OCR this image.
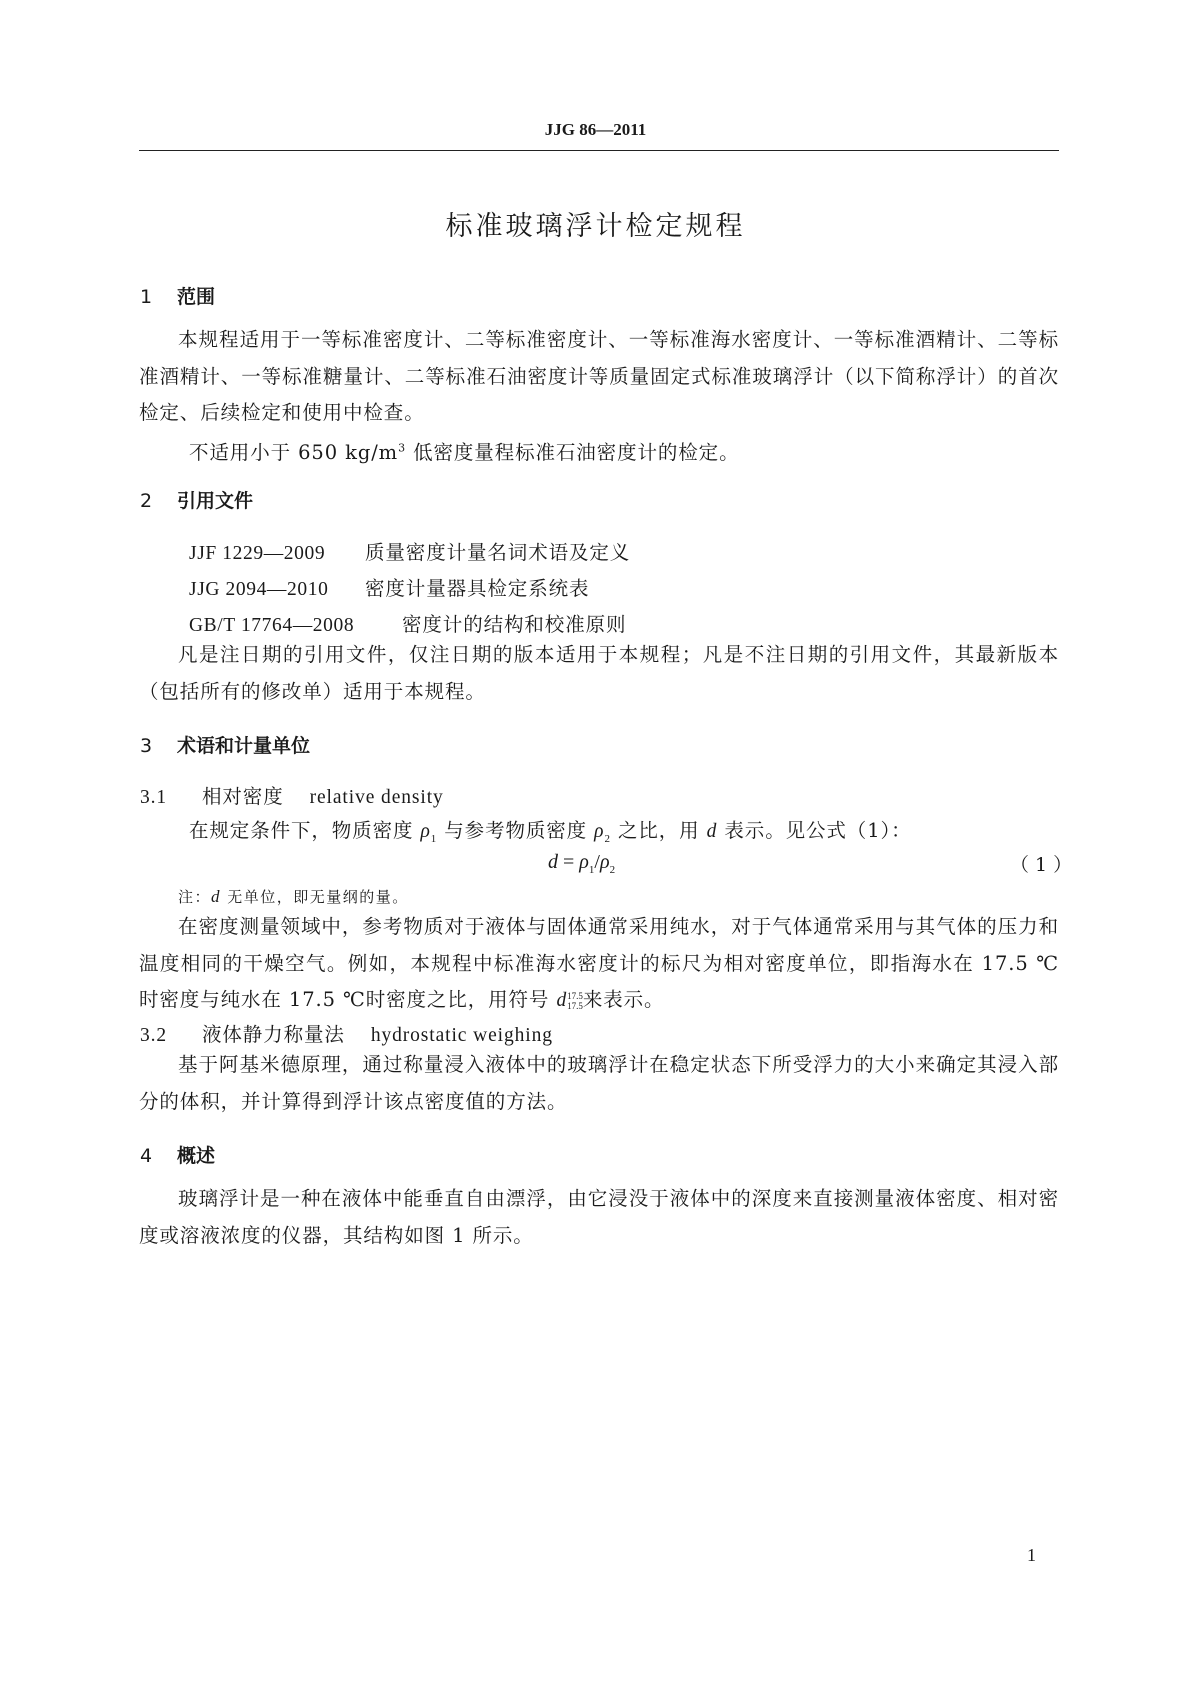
JJG 86—2011
标准玻璃浮计检定规程
1 范围

本规程适用于一等标准密度计、二等标准密度计、一等标准海水密度计、一等标准酒精计、二等标准酒精计、一等标准糖量计、二等标准石油密度计等质量固定式标准玻璃浮计（以下简称浮计）的首次检定、后续检定和使用中检查。

不适用小于 650 $kg/m^3$ 低密度量程标准石油密度计的检定。
2 引用文件
JJF 1229—2009 质量密度计量名词术语及定义
JJG 2094—2010 密度计量器具检定系统表
GB/T 17764—2008 密度计的结构和校准原则

凡是注日期的引用文件，仅注日期的版本适用于本规程；凡是不注日期的引用文件，其最新版本（包括所有的修改单）适用于本规程。

3 术语和计量单位
3.1 相对密度 relative density
在规定条件下，物质密度 $\rho_1$ 与参考物质密度 $\rho_2$ 之比，用 d 表示。见公式（1）：
$d = \rho_1/\rho_2$	（ 1 ）
注：d 无单位，即无量纲的量。

在密度测量领域中，参考物质对于液体与固体通常采用纯水，对于气体通常采用与其气体的压力和温度相同的干燥空气。例如，本规程中标准海水密度计的标尺为相对密度单位，即指海水在 17.5 ℃时密度与纯水在 17.5 ℃时密度之比，用符号 d 17.5
17.5 来表示。

3.2 液体静力称量法 hydrostatic weighing

基于阿基米德原理，通过称量浸入液体中的玻璃浮计在稳定状态下所受浮力的大小来确定其浸入部分的体积，并计算得到浮计该点密度值的方法。

4 概述

玻璃浮计是一种在液体中能垂直自由漂浮，由它浸没于液体中的深度来直接测量液体密度、相对密度或溶液浓度的仪器，其结构如图 1 所示。

1
